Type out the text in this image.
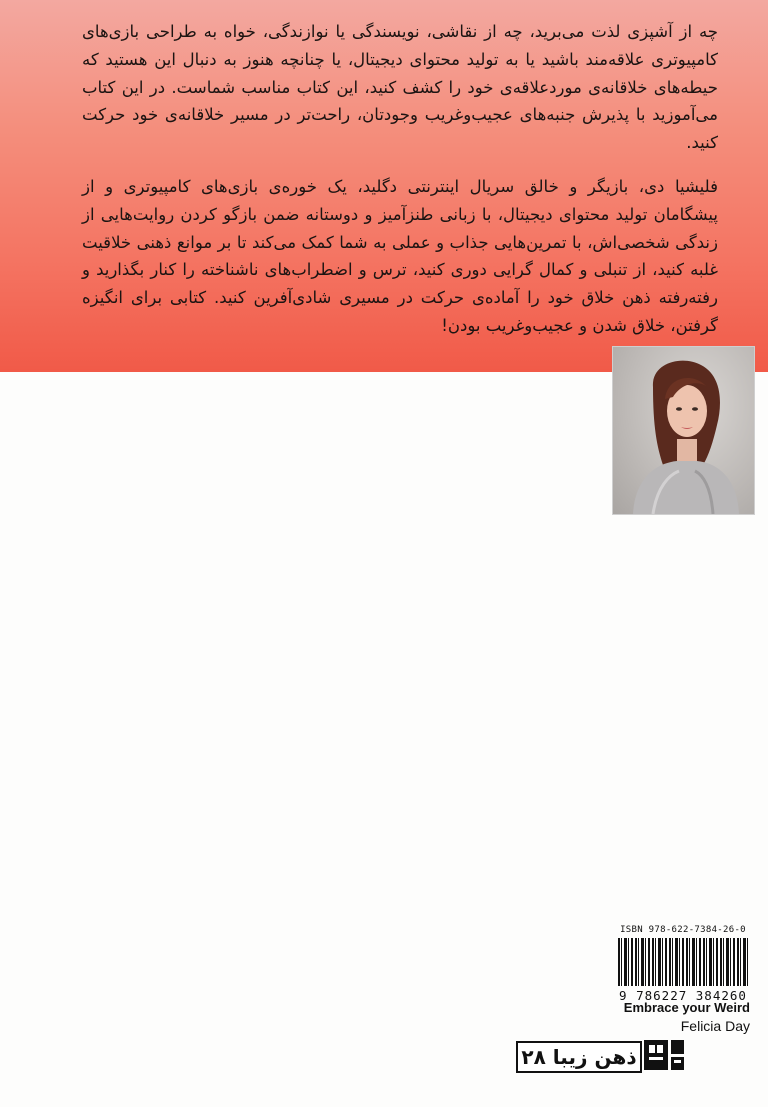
چه از آشپزی لذت می‌برید، چه از نقاشی، نویسندگی یا نوازندگی، خواه به طراحی بازی‌های کامپیوتری علاقه‌مند باشید یا به تولید محتوای دیجیتال، یا چنانچه هنوز به دنبال این هستید که حیطه‌های خلاقانه‌ی موردعلاقه‌ی خود را کشف کنید، این کتاب مناسب شماست. در این کتاب می‌آموزید با پذیرش جنبه‌های عجیب‌وغریب وجودتان، راحت‌تر در مسیر خلاقانه‌ی خود حرکت کنید.

فلیشیا دی، بازیگر و خالق سریال اینترنتی دگلید، یک خوره‌ی بازی‌های کامپیوتری و از پیشگامان تولید محتوای دیجیتال، با زبانی طنزآمیز و دوستانه ضمن بازگو کردن روایت‌هایی از زندگی شخصی‌اش، با تمرین‌هایی جذاب و عملی به شما کمک می‌کند تا بر موانع ذهنی خلاقیت غلبه کنید، از تنبلی و کمال گرایی دوری کنید، ترس و اضطراب‌های ناشناخته را کنار بگذارید و رفته‌رفته ذهن خلاق خود را آماده‌ی حرکت در مسیری شادی‌آفرین کنید. کتابی برای انگیزه گرفتن، خلاق شدن و عجیب‌وغریب بودن!

ISBN 978-622-7384-26-0
9 786227 384260
Embrace your Weird
Felicia Day
ذهن زیبا ۲۸
